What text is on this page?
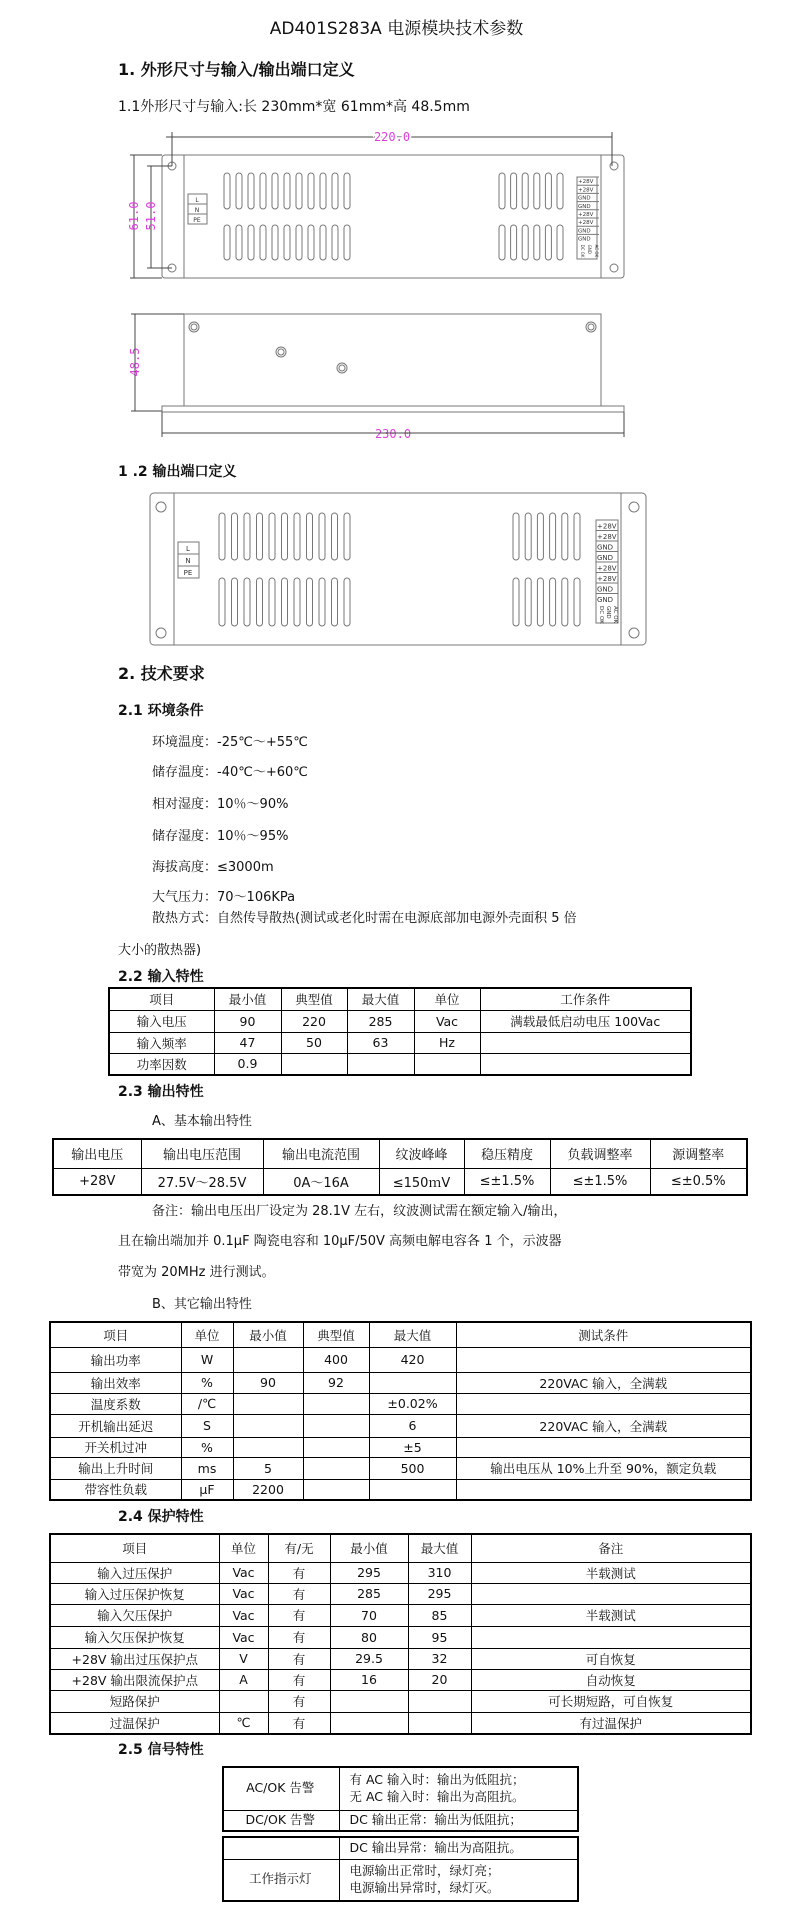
AD401S283A 电源模块技术参数
1. 外形尺寸与输入/输出端口定义
1.1外形尺寸与输入:长 230mm*宽 61mm*高 48.5mm
220.0
61.0 51.0
48.5
230.0
L
N
PE
L
N
PE
+28V
+28V
GND
GND
+28V
+28V
GND
GND
DC OK GND AC OK
+28V
+28V
GND
GND
+28V
+28V
GND
GND
DC OK GND AC OK
1 .2 输出端口定义
2. 技术要求
2.1 环境条件
环境温度：-25℃～+55℃
储存温度：-40℃～+60℃
相对湿度：10％～90%
储存湿度：10％～95%
海拔高度：≤3000m
大气压力：70～106KPa
散热方式：自然传导散热(测试或老化时需在电源底部加电源外壳面积 5 倍
大小的散热器)
2.2 输入特性
项目	最小值	典型值	最大值	单位	工作条件
输入电压	90	220	285	Vac	满载最低启动电压 100Vac
输入频率	47	50	63	Hz	
功率因数	0.9				
2.3 输出特性
A、基本输出特性
输出电压	输出电压范围	输出电流范围	纹波峰峰	稳压精度	负载调整率	源调整率
+28V	27.5V～28.5V	0A～16A	≤150ｍV	≤±1.5%	≤±1.5%	≤±0.5%
备注：输出电压出厂设定为 28.1V 左右，纹波测试需在额定输入/输出，
且在输出端加并 0.1μF 陶瓷电容和 10μF/50V 高频电解电容各 1 个，示波器
带宽为 20MHz 进行测试。
B、其它输出特性
项目	单位	最小值	典型值	最大值	测试条件
输出功率	W		400	420	
输出效率	%	90	92		220VAC 输入，全满载
温度系数	/℃			±0.02%	
开机输出延迟	S			6	220VAC 输入，全满载
开关机过冲	%			±5	
输出上升时间	ms	5		500	输出电压从 10%上升至 90%，额定负载
带容性负载	μF	2200			
2.4 保护特性
项目	单位	有/无	最小值	最大值	备注
输入过压保护	Vac	有	295	310	半载测试
输入过压保护恢复	Vac	有	285	295	
输入欠压保护	Vac	有	70	85	半载测试
输入欠压保护恢复	Vac	有	80	95	
+28V 输出过压保护点	V	有	29.5	32	可自恢复
+28V 输出限流保护点	A	有	16	20	自动恢复
短路保护		有			可长期短路，可自恢复
过温保护	℃	有			有过温保护
2.5 信号特性
AC/OK 告警	有 AC 输入时：输出为低阻抗；
无 AC 输入时：输出为高阻抗。
DC/OK 告警	DC 输出正常：输出为低阻抗；
	DC 输出异常：输出为高阻抗。
工作指示灯	电源输出正常时，绿灯亮；
电源输出异常时，绿灯灭。
